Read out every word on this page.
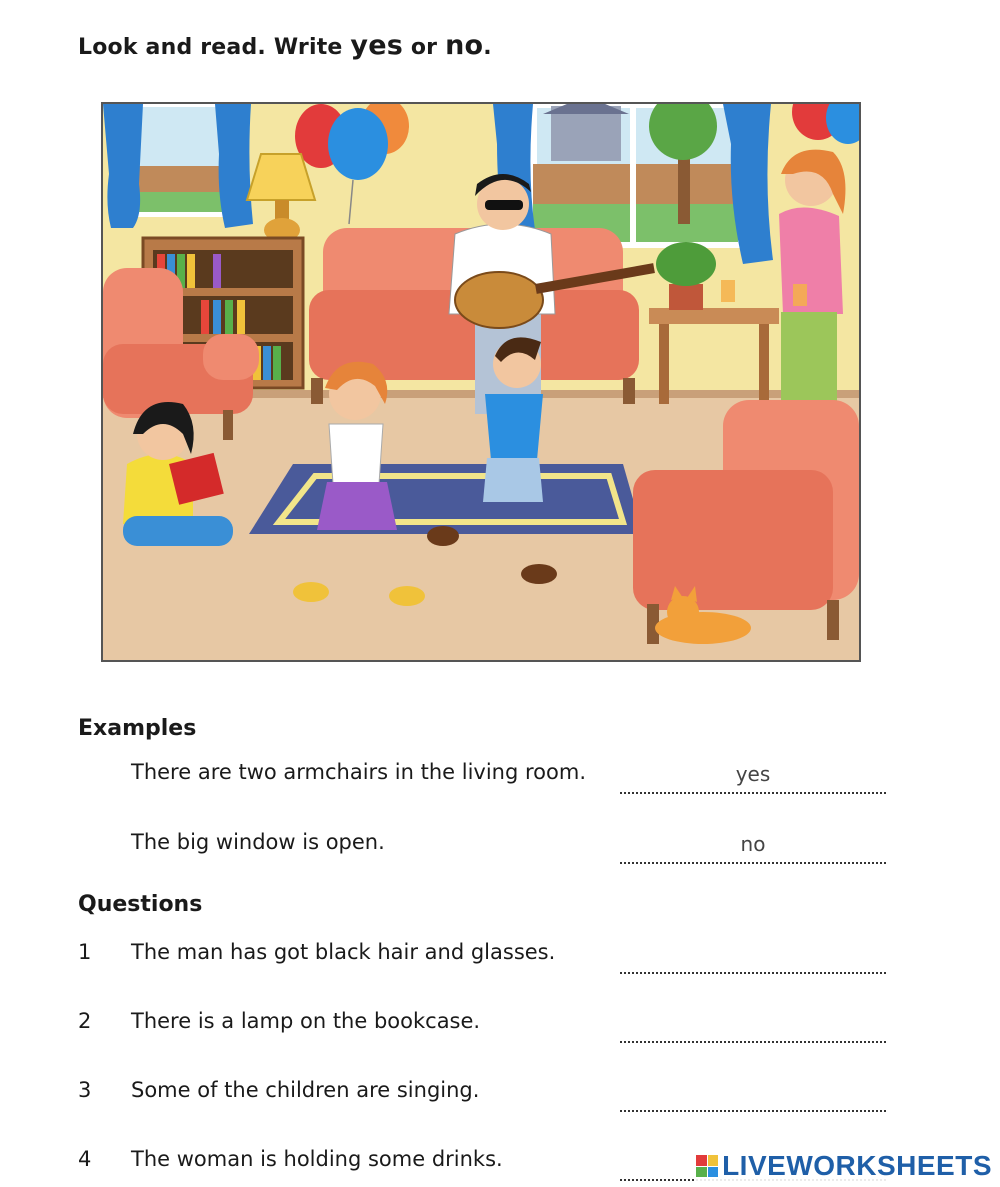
Look and read. Write yes or no.
Examples
There are two armchairs in the living room.
yes
The big window is open.
no
Questions
1 The man has got black hair and glasses.
2 There is a lamp on the bookcase.
3 Some of the children are singing.
4 The woman is holding some drinks.	LIVEWORKSHEETS
